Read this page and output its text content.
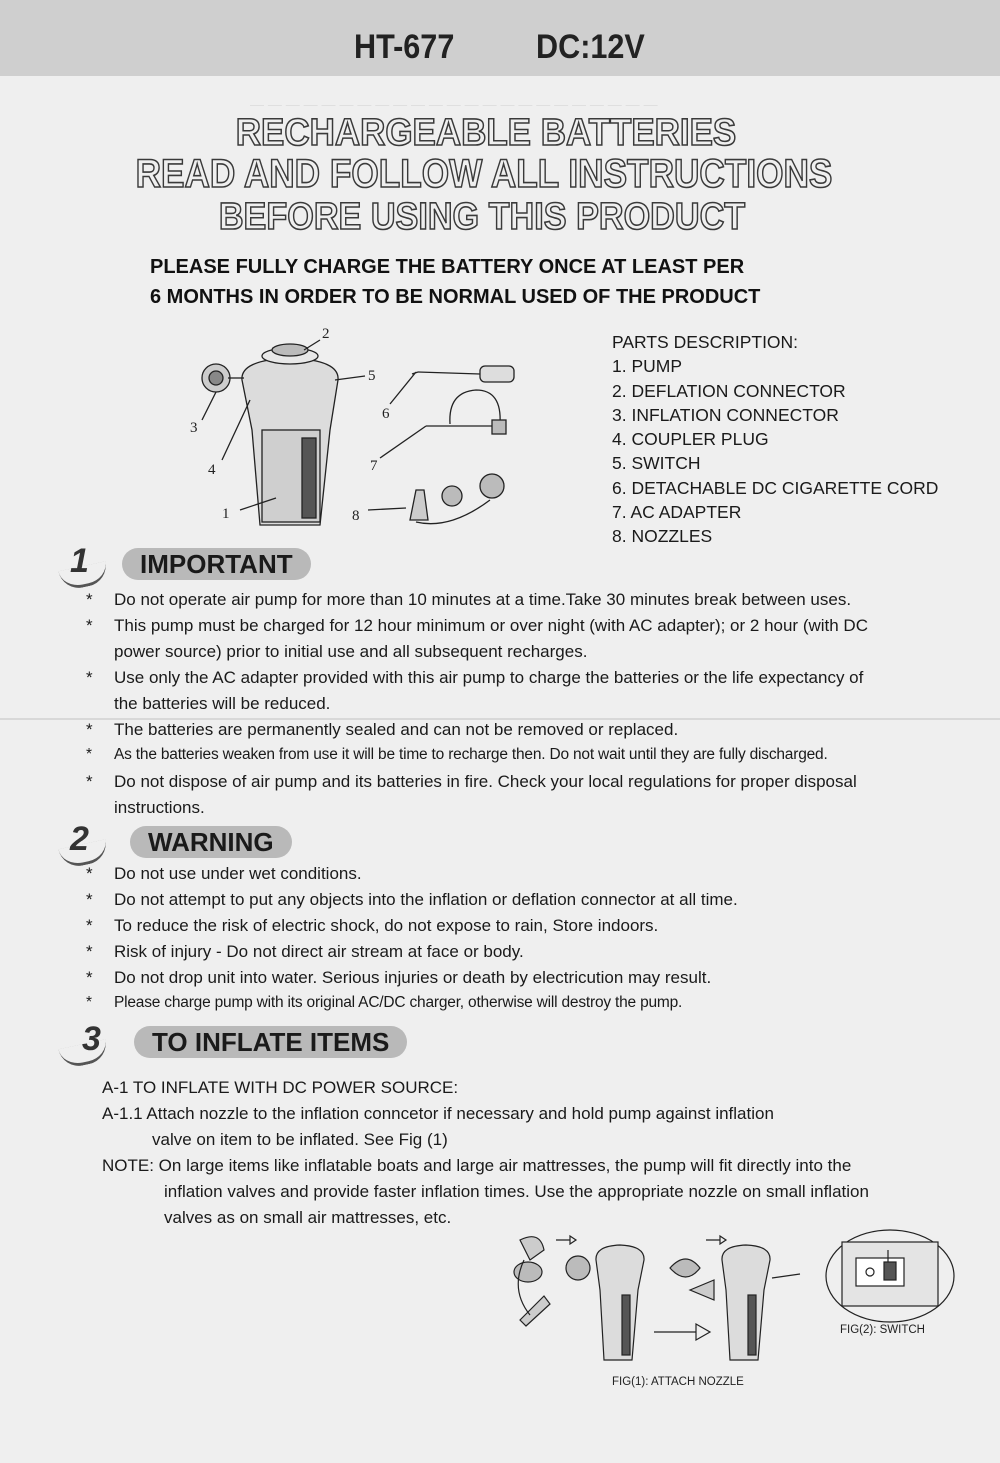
HT-677 DC:12V
— — — — — — — — — — — — — — — — — — — — — — —
RECHARGEABLE BATTERIES
READ AND FOLLOW ALL INSTRUCTIONS
BEFORE USING THIS PRODUCT
PLEASE FULLY CHARGE THE BATTERY ONCE AT LEAST PER
6 MONTHS IN ORDER TO BE NORMAL USED OF THE PRODUCT
1
2
3
4
5
6
7
8
PARTS DESCRIPTION:
1. PUMP
2. DEFLATION CONNECTOR
3. INFLATION CONNECTOR
4. COUPLER PLUG
5. SWITCH
6. DETACHABLE DC CIGARETTE CORD
7. AC ADAPTER
8. NOZZLES
1	IMPORTANT
* Do not operate air pump for more than 10 minutes at a time.Take 30 minutes break between uses.
* This pump must be charged for 12 hour minimum or over night (with AC adapter); or 2 hour (with DC
power source) prior to initial use and all subsequent recharges.
* Use only the AC adapter provided with this air pump to charge the batteries or the life expectancy of
the batteries will be reduced.
* The batteries are permanently sealed and can not be removed or replaced.
* As the batteries weaken from use it will be time to recharge then. Do not wait until they are fully discharged.
* Do not dispose of air pump and its batteries in fire. Check your local regulations for proper disposal
instructions.
2	WARNING
* Do not use under wet conditions.
* Do not attempt to put any objects into the inflation or deflation connector at all time.
* To reduce the risk of electric shock, do not expose to rain, Store indoors.
* Risk of injury - Do not direct air stream at face or body.
* Do not drop unit into water. Serious injuries or death by electricution may result.
* Please charge pump with its original AC/DC charger, otherwise will destroy the pump.
3	TO INFLATE ITEMS
A-1 TO INFLATE WITH DC POWER SOURCE:
A-1.1 Attach nozzle to the inflation conncetor if necessary and hold pump against inflation
valve on item to be inflated. See Fig (1)
NOTE: On large items like inflatable boats and large air mattresses, the pump will fit directly into the
inflation valves and provide faster inflation times. Use the appropriate nozzle on small inflation
valves as on small air mattresses, etc.
FIG(1): ATTACH NOZZLE
FIG(2): SWITCH
